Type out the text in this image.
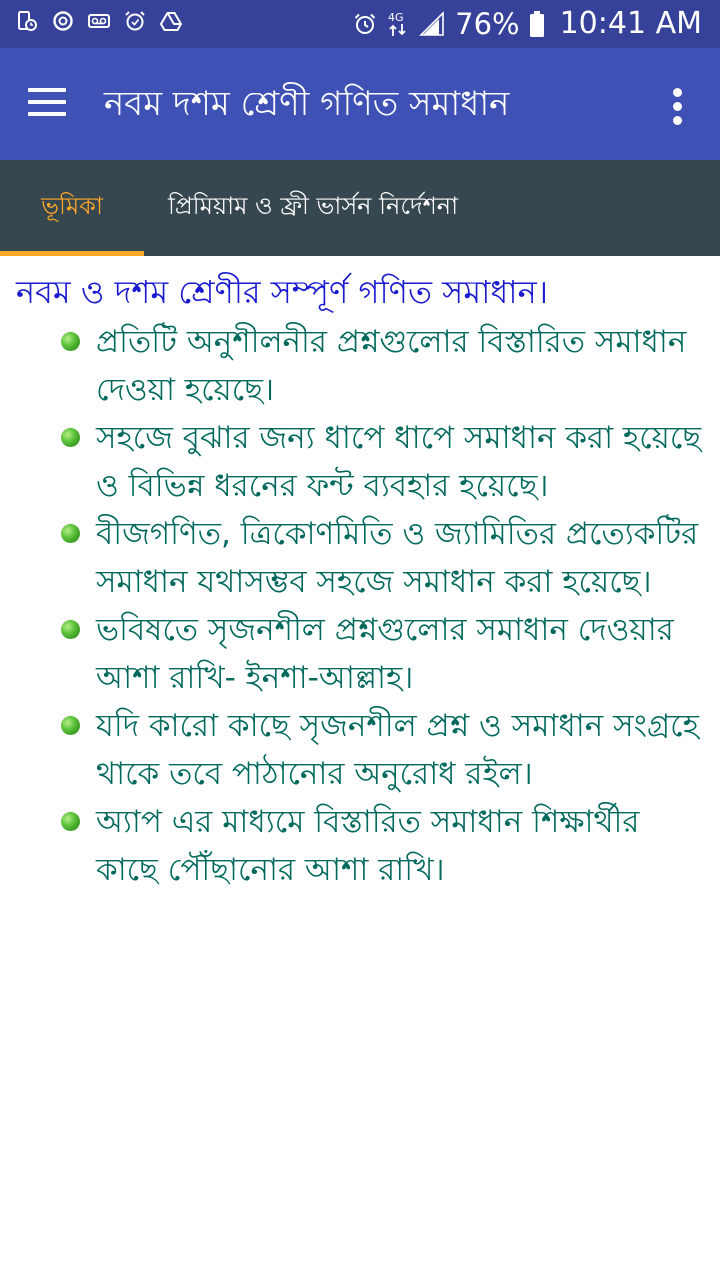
4G 76% 10:41 AM
নবম দশম শ্রেণী গণিত সমাধান
ভূমিকা	প্রিমিয়াম ও ফ্রী ভার্সন নির্দেশনা
নবম ও দশম শ্রেণীর সম্পূর্ণ গণিত সমাধান।
প্রতিটি অনুশীলনীর প্রশ্নগুলোর বিস্তারিত সমাধান দেওয়া হয়েছে।
সহজে বুঝার জন্য ধাপে ধাপে সমাধান করা হয়েছে ও বিভিন্ন ধরনের ফন্ট ব্যবহার হয়েছে।
বীজগণিত, ত্রিকোণমিতি ও জ্যামিতির প্রত্যেকটির সমাধান যথাসম্ভব সহজে সমাধান করা হয়েছে।
ভবিষতে সৃজনশীল প্রশ্নগুলোর সমাধান দেওয়ার আশা রাখি- ইনশা-আল্লাহ।
যদি কারো কাছে সৃজনশীল প্রশ্ন ও সমাধান সংগ্রহে থাকে তবে পাঠানোর অনুরোধ রইল।
অ্যাপ এর মাধ্যমে বিস্তারিত সমাধান শিক্ষার্থীর কাছে পৌঁছানোর আশা রাখি।
